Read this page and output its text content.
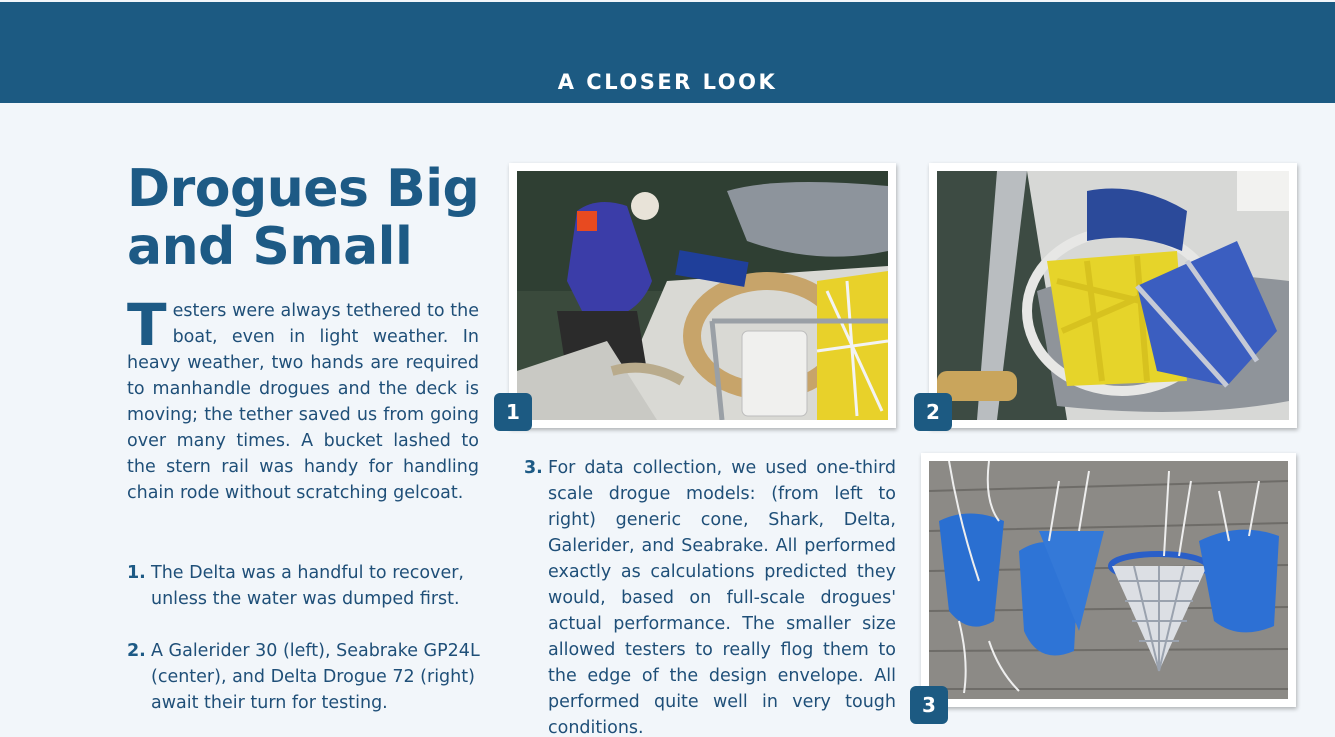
A CLOSER LOOK
Drogues Big
and Small
Testers were always tethered to the boat, even in light weather. In heavy weather, two hands are required to manhandle drogues and the deck is moving; the tether saved us from going over many times. A bucket lashed to the stern rail was handy for handling chain rode without scratching gelcoat.
1. The Delta was a handful to recover, unless the water was dumped first.
2. A Galerider 30 (left), Seabrake GP24L (center), and Delta Drogue 72 (right) await their turn for testing.
3. For data collection, we used one-third scale drogue models: (from left to right) generic cone, Shark, Delta, Galerider, and Seabrake. All performed exactly as calculations predicted they would, based on full-scale drogues' actual performance. The smaller size allowed testers to really flog them to the edge of the design envelope. All performed quite well in very tough conditions.
1	2
3
